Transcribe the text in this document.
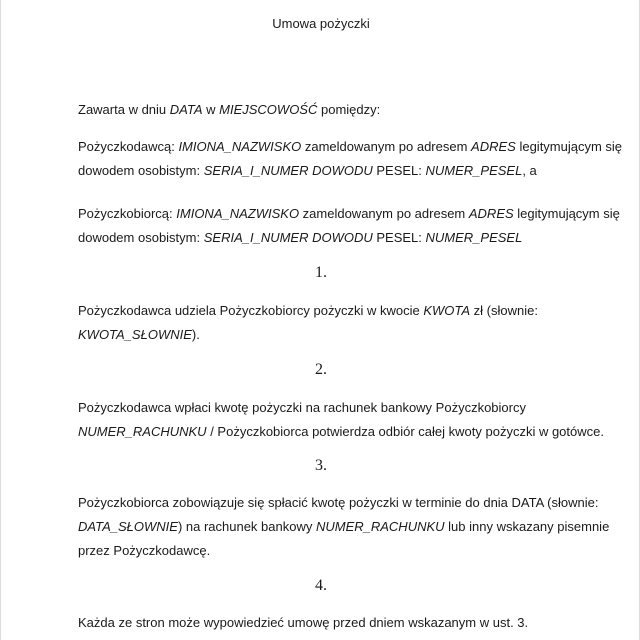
Umowa pożyczki
Zawarta w dniu DATA w MIEJSCOWOŚĆ pomiędzy:
Pożyczkodawcą: IMIONA_NAZWISKO zameldowanym po adresem ADRES legitymującym się
dowodem osobistym: SERIA_I_NUMER DOWODU PESEL: NUMER_PESEL, a
Pożyczkobiorcą: IMIONA_NAZWISKO zameldowanym po adresem ADRES legitymującym się
dowodem osobistym: SERIA_I_NUMER DOWODU PESEL: NUMER_PESEL
1.
Pożyczkodawca udziela Pożyczkobiorcy pożyczki w kwocie KWOTA zł (słownie:
KWOTA_SŁOWNIE).
2.
Pożyczkodawca wpłaci kwotę pożyczki na rachunek bankowy Pożyczkobiorcy
NUMER_RACHUNKU / Pożyczkobiorca potwierdza odbiór całej kwoty pożyczki w gotówce.
3.
Pożyczkobiorca zobowiązuje się spłacić kwotę pożyczki w terminie do dnia DATA (słownie:
DATA_SŁOWNIE) na rachunek bankowy NUMER_RACHUNKU lub inny wskazany pisemnie
przez Pożyczkodawcę.
4.
Każda ze stron może wypowiedzieć umowę przed dniem wskazanym w ust. 3.
